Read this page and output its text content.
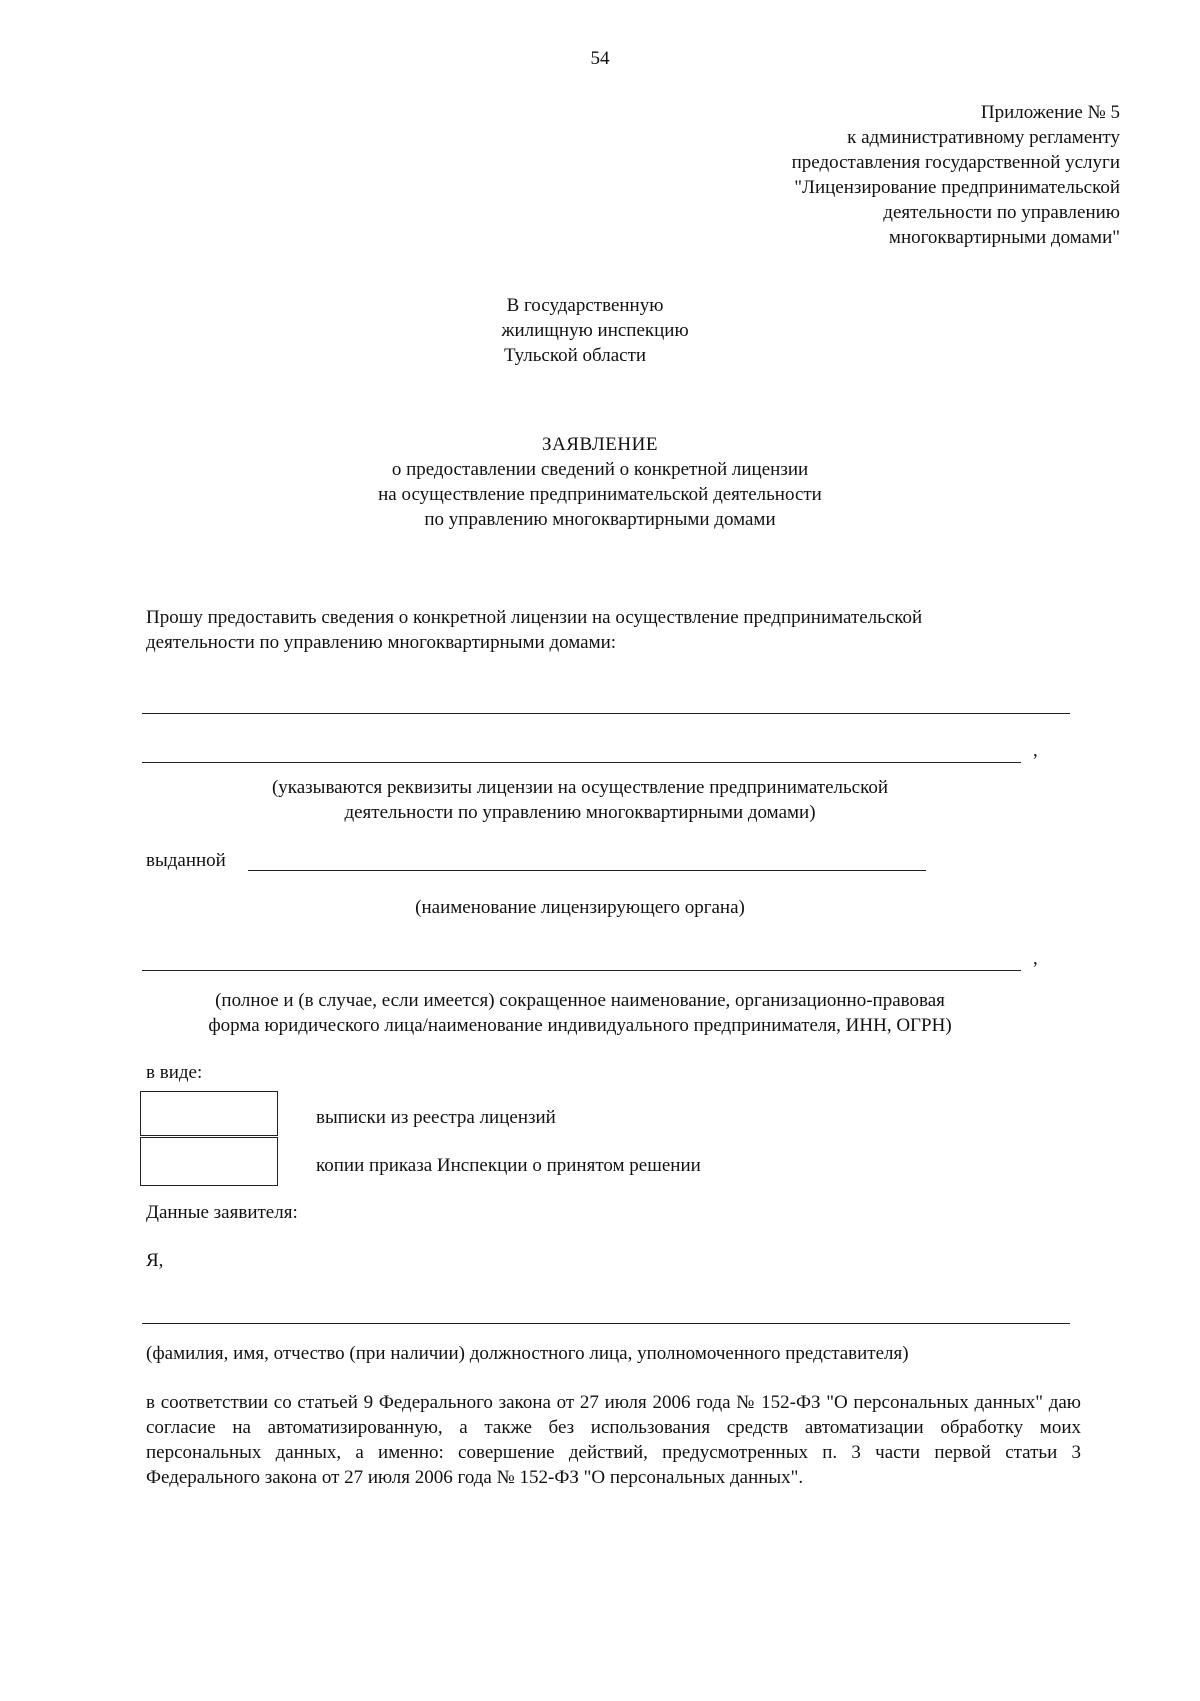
54
Приложение № 5
к административному регламенту
предоставления государственной услуги
"Лицензирование предпринимательской
деятельности по управлению
многоквартирными домами"
В государственную
жилищную инспекцию
Тульской области
ЗАЯВЛЕНИЕ
о предоставлении сведений о конкретной лицензии
на осуществление предпринимательской деятельности
по управлению многоквартирными домами
Прошу предоставить сведения о конкретной лицензии на осуществление предпринимательской
деятельности по управлению многоквартирными домами:
,
(указываются реквизиты лицензии на осуществление предпринимательской
деятельности по управлению многоквартирными домами)
выданной
(наименование лицензирующего органа)
,
(полное и (в случае, если имеется) сокращенное наименование, организационно-правовая
форма юридического лица/наименование индивидуального предпринимателя, ИНН, ОГРН)
в виде:
выписки из реестра лицензий
копии приказа Инспекции о принятом решении
Данные заявителя:
Я,
(фамилия, имя, отчество (при наличии) должностного лица, уполномоченного представителя)

в соответствии со статьей 9 Федерального закона от 27 июля 2006 года № 152-ФЗ "О персональных данных" даю согласие на автоматизированную, а также без использования средств автоматизации обработку моих персональных данных, а именно: совершение действий, предусмотренных п. 3 части первой статьи 3 Федерального закона от 27 июля 2006 года № 152-ФЗ "О персональных данных".
